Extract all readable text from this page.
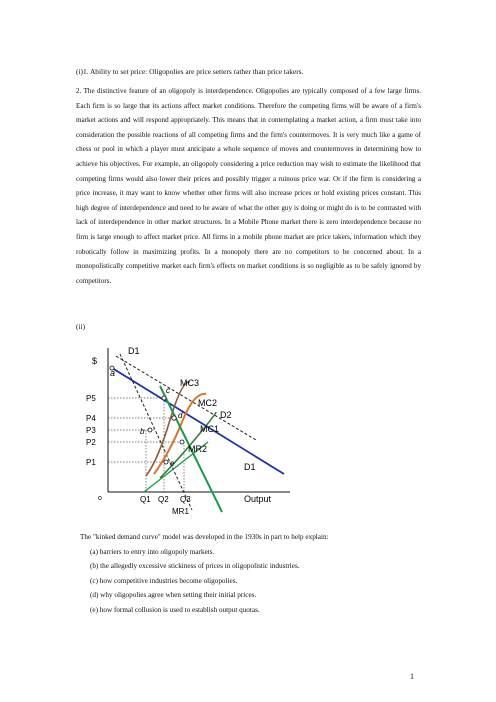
(i)1. Ability to set price: Oligopolies are price setters rather than price takers.

2. The distinctive feature of an oligopoly is interdependence. Oligopolies are typically composed of a few large firms. Each firm is so large that its actions affect market conditions. Therefore the competing firms will be aware of a firm's market actions and will respond appropriately. This means that in contemplating a market action, a firm must take into consideration the possible reactions of all competing firms and the firm's countermoves. It is very much like a game of chess or pool in which a player must anticipate a whole sequence of moves and countermoves in determining how to achieve his objectives. For example, an oligopoly considering a price reduction may wish to estimate the likelihood that competing firms would also lower their prices and possibly trigger a ruinous price war. Or if the firm is considering a price increase, it may want to know whether other firms will also increase prices or hold existing prices constant. This high degree of interdependence and need to be aware of what the other guy is doing or might do is to be contrasted with lack of interdependence in other market structures. In a Mobile Phone market there is zero interdependence because no firm is large enough to affect market price. All firms in a mobile phone market are price takers, information which they robotically follow in maximizing profits. In a monopoly there are no competitors to be concerned about. In a monopolistically competitive market each firm's effects on market conditions is so negligible as to be safely ignored by competitors.

(ii)

$
D1
a
c
MC3
MC2
D2
d
MC1
b
MR2
D1
e
P5
P4
P3
P2
P1
o	Q1 Q2 Q3
MR1
Output

The "kinked demand curve" model was developed in the 1930s in part to help explain:

(a) barriers to entry into oligopoly markets.

(b) the allegedly excessive stickiness of prices in oligopolistic industries.

(c) how competitive industries become oligopolies.

(d) why oligopolies agree when setting their initial prices.

(e) how formal collusion is used to establish output quotas.

1
